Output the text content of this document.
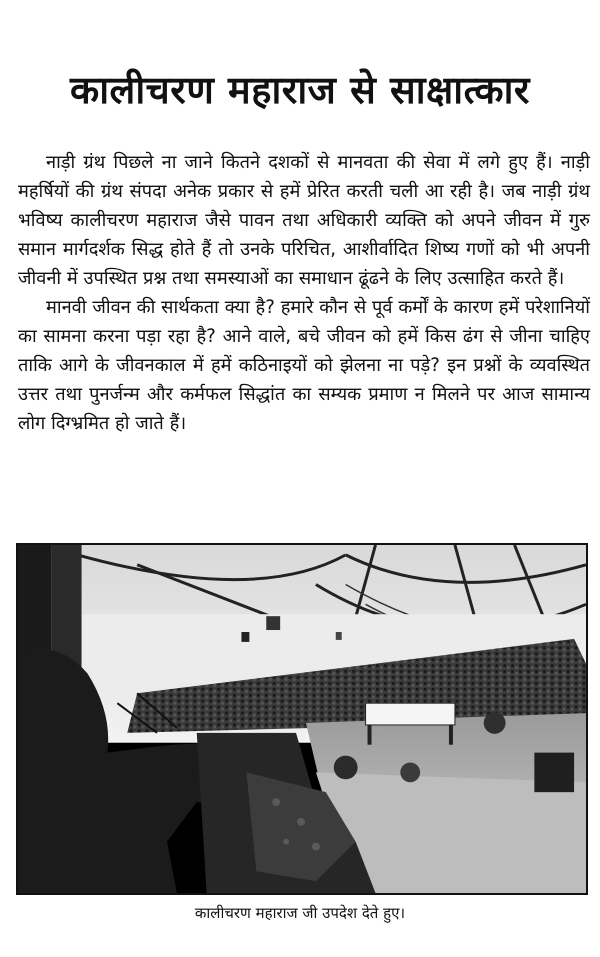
कालीचरण महाराज से साक्षात्कार

नाड़ी ग्रंथ पिछले ना जाने कितने दशकों से मानवता की सेवा में लगे हुए हैं। नाड़ी महर्षियों की ग्रंथ संपदा अनेक प्रकार से हमें प्रेरित करती चली आ रही है। जब नाड़ी ग्रंथ भविष्य कालीचरण महाराज जैसे पावन तथा अधिकारी व्यक्ति को अपने जीवन में गुरु समान मार्गदर्शक सिद्ध होते हैं तो उनके परिचित, आशीर्वादित शिष्य गणों को भी अपनी जीवनी में उपस्थित प्रश्न तथा समस्याओं का समाधान ढूंढने के लिए उत्साहित करते हैं।

मानवी जीवन की सार्थकता क्या है? हमारे कौन से पूर्व कर्मों के कारण हमें परेशानियों का सामना करना पड़ा रहा है? आने वाले, बचे जीवन को हमें किस ढंग से जीना चाहिए ताकि आगे के जीवनकाल में हमें कठिनाइयों को झेलना ना पड़े? इन प्रश्नों के व्यवस्थित उत्तर तथा पुनर्जन्म और कर्मफल सिद्धांत का सम्यक प्रमाण न मिलने पर आज सामान्य लोग दिग्भ्रमित हो जाते हैं।

कालीचरण महाराज जी उपदेश देते हुए।
